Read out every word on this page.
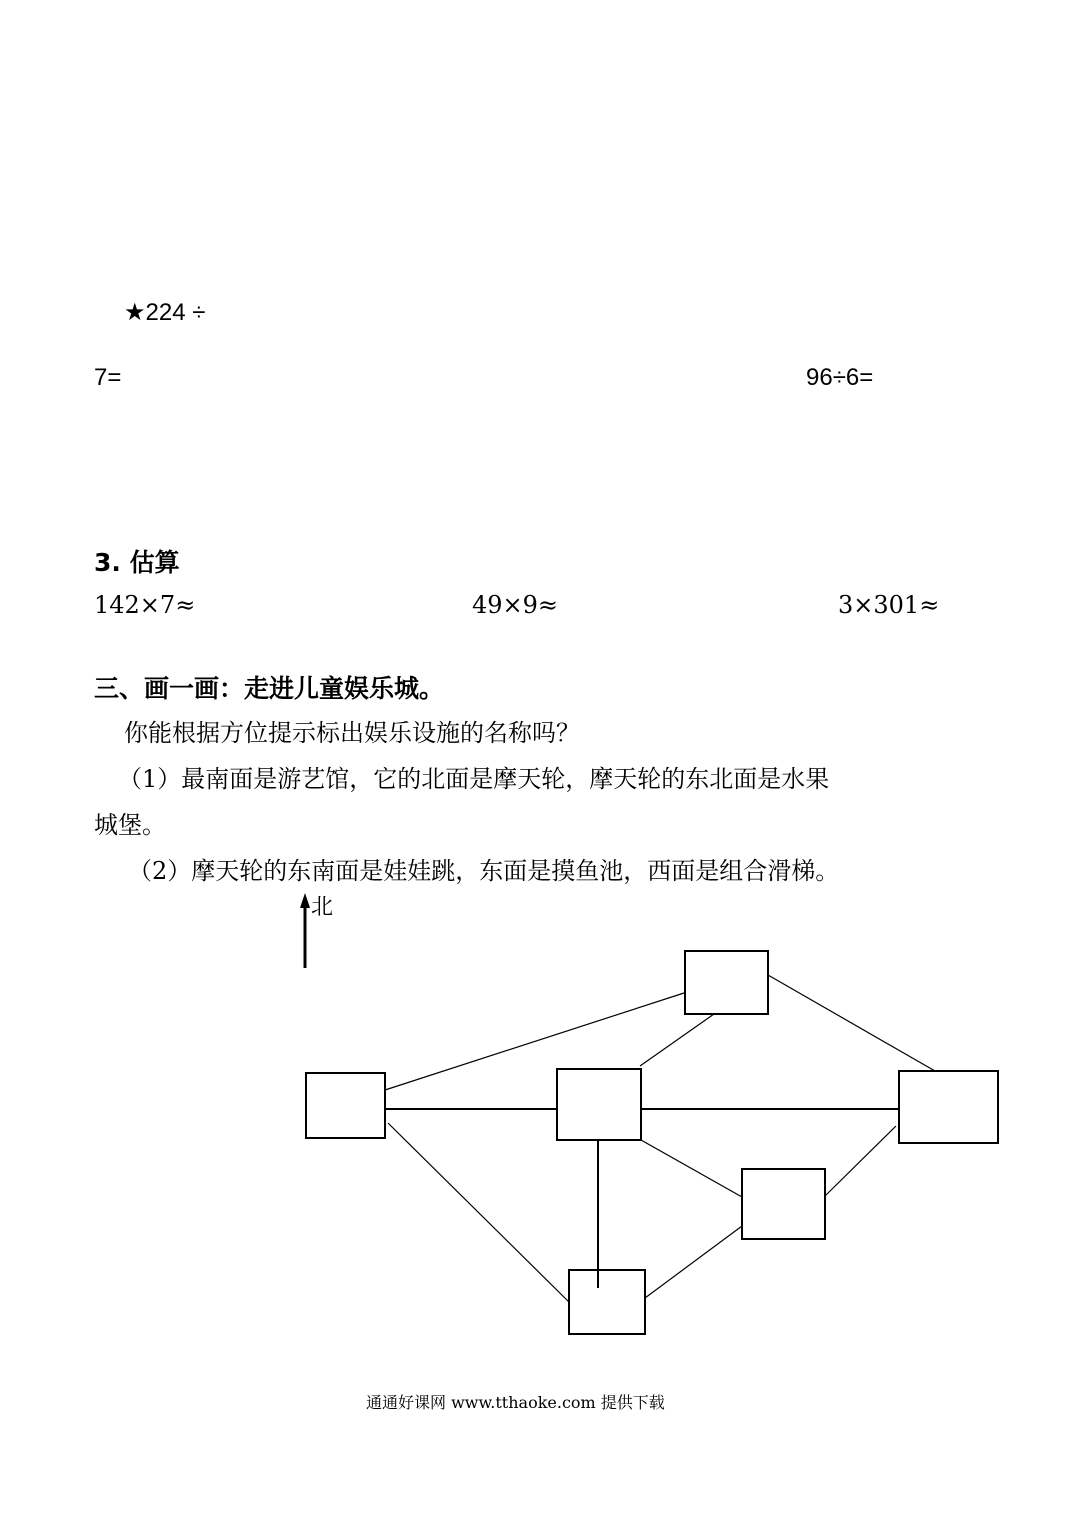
★224 ÷
7=	96÷6=
3. 估算
142×7≈	49×9≈	3×301≈
三、画一画：走进儿童娱乐城。
你能根据方位提示标出娱乐设施的名称吗？
（1）最南面是游艺馆，它的北面是摩天轮，摩天轮的东北面是水果
城堡。
（2）摩天轮的东南面是娃娃跳，东面是摸鱼池，西面是组合滑梯。
北
通通好课网 www.tthaoke.com 提供下载
